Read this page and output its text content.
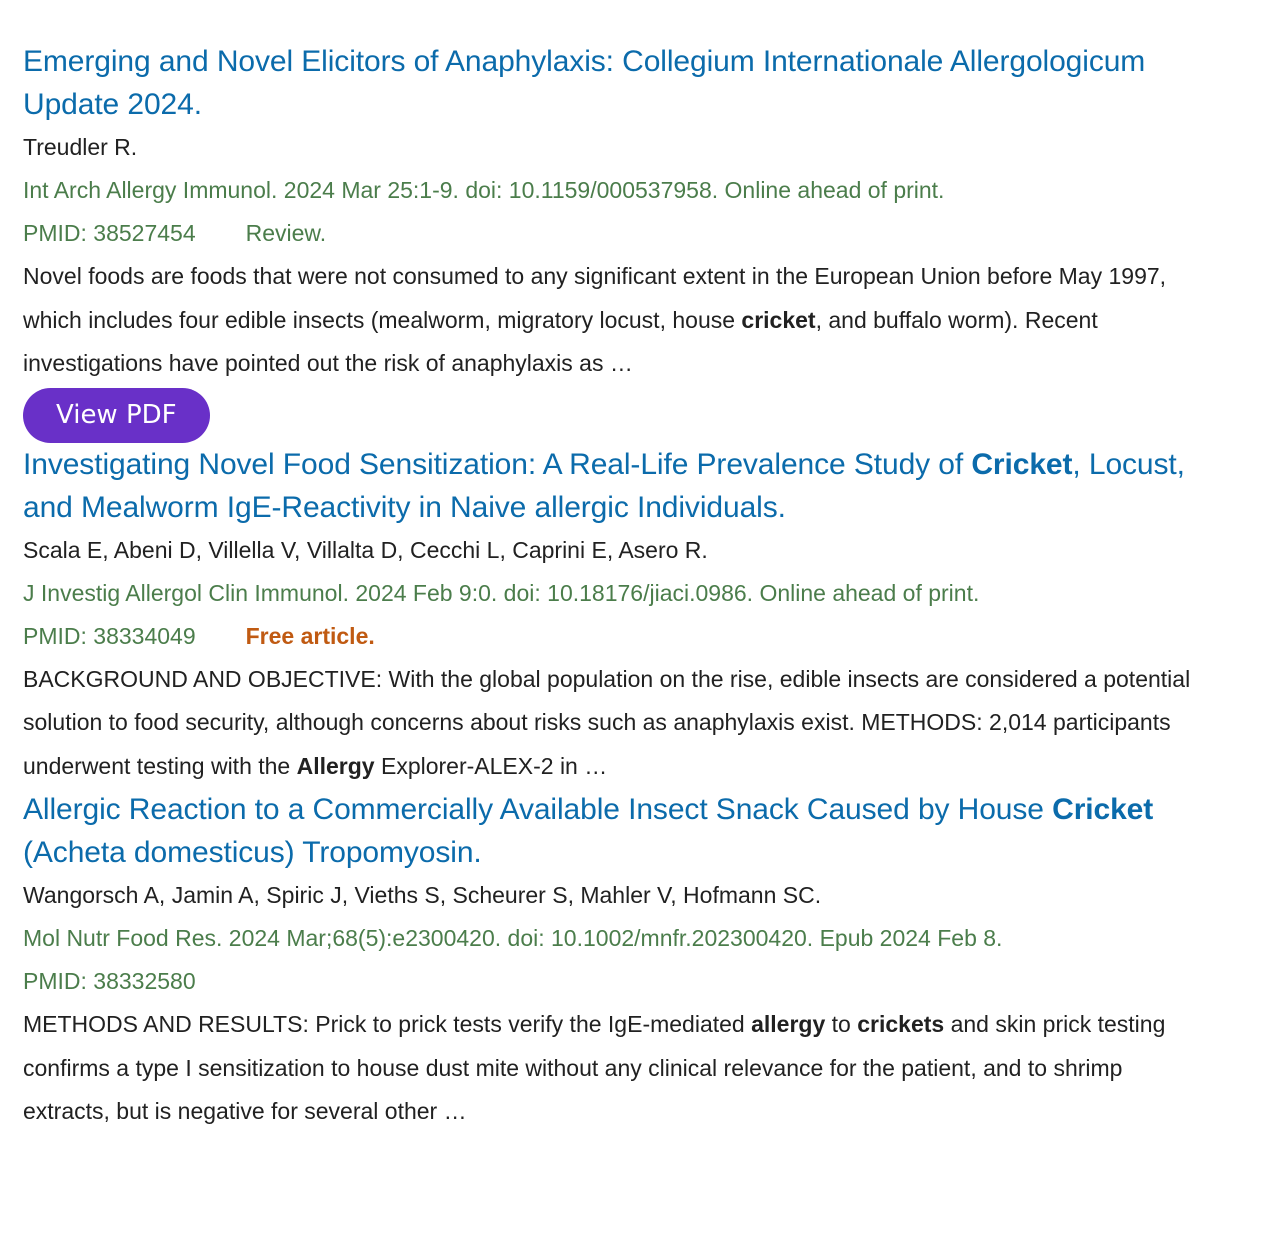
Emerging and Novel Elicitors of Anaphylaxis: Collegium Internationale Allergologicum Update 2024.
Treudler R.
Int Arch Allergy Immunol. 2024 Mar 25:1-9. doi: 10.1159/000537958. Online ahead of print.
PMID: 38527454 Review.
Novel foods are foods that were not consumed to any significant extent in the European Union before May 1997, which includes four edible insects (mealworm, migratory locust, house cricket, and buffalo worm). Recent investigations have pointed out the risk of anaphylaxis as …
View PDF
Investigating Novel Food Sensitization: A Real-Life Prevalence Study of Cricket, Locust, and Mealworm IgE-Reactivity in Naive allergic Individuals.
Scala E, Abeni D, Villella V, Villalta D, Cecchi L, Caprini E, Asero R.
J Investig Allergol Clin Immunol. 2024 Feb 9:0. doi: 10.18176/jiaci.0986. Online ahead of print.
PMID: 38334049 Free article.
BACKGROUND AND OBJECTIVE: With the global population on the rise, edible insects are considered a potential solution to food security, although concerns about risks such as anaphylaxis exist. METHODS: 2,014 participants underwent testing with the Allergy Explorer-ALEX-2 in …
Allergic Reaction to a Commercially Available Insect Snack Caused by House Cricket (Acheta domesticus) Tropomyosin.
Wangorsch A, Jamin A, Spiric J, Vieths S, Scheurer S, Mahler V, Hofmann SC.
Mol Nutr Food Res. 2024 Mar;68(5):e2300420. doi: 10.1002/mnfr.202300420. Epub 2024 Feb 8.
PMID: 38332580
METHODS AND RESULTS: Prick to prick tests verify the IgE-mediated allergy to crickets and skin prick testing confirms a type I sensitization to house dust mite without any clinical relevance for the patient, and to shrimp extracts, but is negative for several other …
